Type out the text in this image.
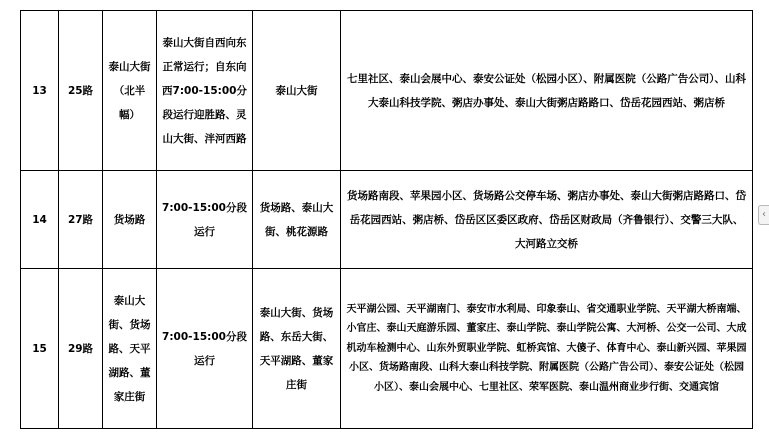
13	25路	泰山大街（北半幅）	泰山大街自西向东正常运行；自东向西7:00-15:00分段运行迎胜路、灵山大街、泮河西路	泰山大街	七里社区、泰山会展中心、泰安公证处（松园小区）、附属医院（公路广告公司）、山科大泰山科技学院、粥店办事处、泰山大街粥店路路口、岱岳花园西站、粥店桥
14	27路	货场路	7:00-15:00分段运行	货场路、泰山大街、桃花源路	货场路南段、苹果园小区、货场路公交停车场、粥店办事处、泰山大街粥店路路口、岱岳花园西站、粥店桥、岱岳区区委区政府、岱岳区财政局（齐鲁银行）、交警三大队、大河路立交桥
15	29路	泰山大街、货场路、天平湖路、董家庄街	7:00-15:00分段运行	泰山大街、货场路、东岳大街、天平湖路、董家庄街	天平湖公园、天平湖南门、泰安市水利局、印象泰山、省交通职业学院、天平湖大桥南端、小官庄、泰山天庭游乐园、董家庄、泰山学院、泰山学院公寓、大河桥、公交一公司、大成机动车检测中心、山东外贸职业学院、虹桥宾馆、大傻子、体育中心、泰山新兴园、苹果园小区、货场路南段、山科大泰山科技学院、附属医院（公路广告公司）、泰安公证处（松园小区）、泰山会展中心、七里社区、荣军医院、泰山温州商业步行街、交通宾馆
‹
